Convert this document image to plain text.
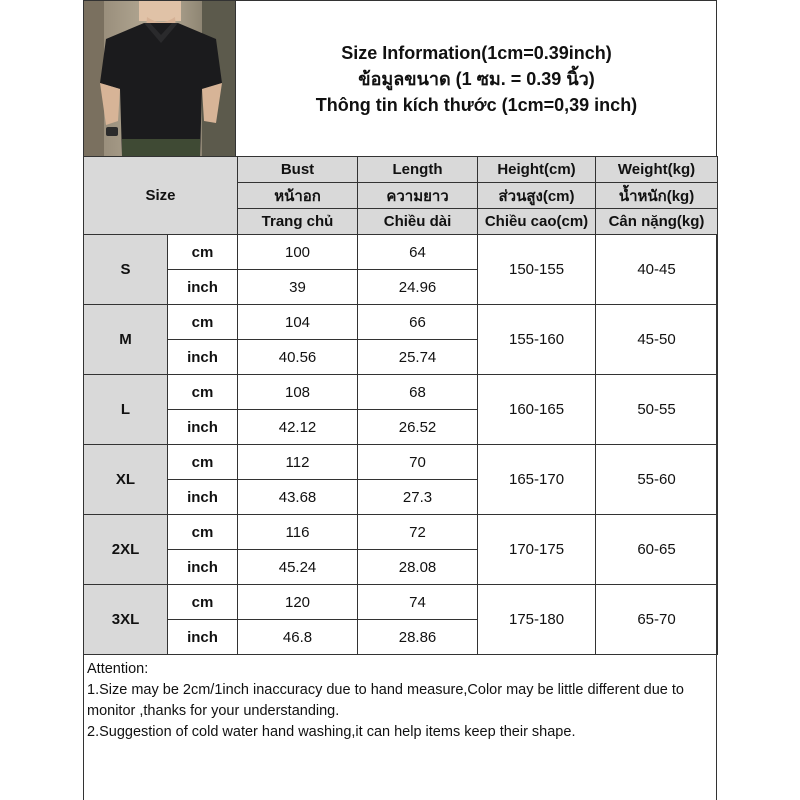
Size Information(1cm=0.39inch)
ข้อมูลขนาด (1 ซม. = 0.39 นิ้ว)
Thông tin kích thước (1cm=0,39 inch)
Size		Bust	Length	Height(cm)	Weight(kg)
		หน้าอก	ความยาว	ส่วนสูง(cm)	น้ำหนัก(kg)
		Trang chủ	Chiều dài	Chiều cao(cm)	Cân nặng(kg)
S	cm	100	64	150-155	40-45
	inch	39	24.96		
M	cm	104	66	155-160	45-50
	inch	40.56	25.74		
L	cm	108	68	160-165	50-55
	inch	42.12	26.52		
XL	cm	112	70	165-170	55-60
	inch	43.68	27.3		
2XL	cm	116	72	170-175	60-65
	inch	45.24	28.08		
3XL	cm	120	74	175-180	65-70
	inch	46.8	28.86		

Attention:

1.Size may be 2cm/1inch inaccuracy due to hand measure,Color may be little different due to monitor ,thanks for your understanding.

2.Suggestion of cold water hand washing,it can help items keep their shape.
